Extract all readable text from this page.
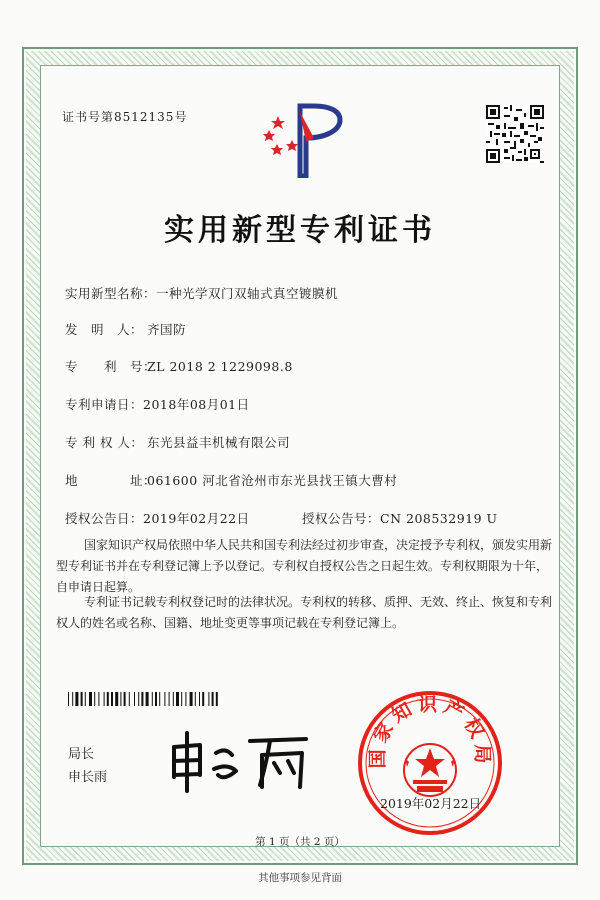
证书号第8512135号
实用新型专利证书
实用新型名称：一种光学双门双轴式真空镀膜机
发　明　人： 齐国防
专　　利　号：ZL 2018 2 1229098.8
专利申请日：2018年08月01日
专 利 权 人： 东光县益丰机械有限公司
地　　　　址：061600 河北省沧州市东光县找王镇大曹村
授权公告日：2019年02月22日	授权公告号：CN 208532919 U
国家知识产权局依照中华人民共和国专利法经过初步审查，决定授予专利权，颁发实用新型专利证书并在专利登记簿上予以登记。专利权自授权公告之日起生效。专利权期限为十年，自申请日起算。
专利证书记载专利权登记时的法律状况。专利权的转移、质押、无效、终止、恢复和专利权人的姓名或名称、国籍、地址变更等事项记载在专利登记簿上。
局长
申长雨
国家知识产权局
2019年02月22日
第 1 页（共 2 页）
其他事项参见背面
